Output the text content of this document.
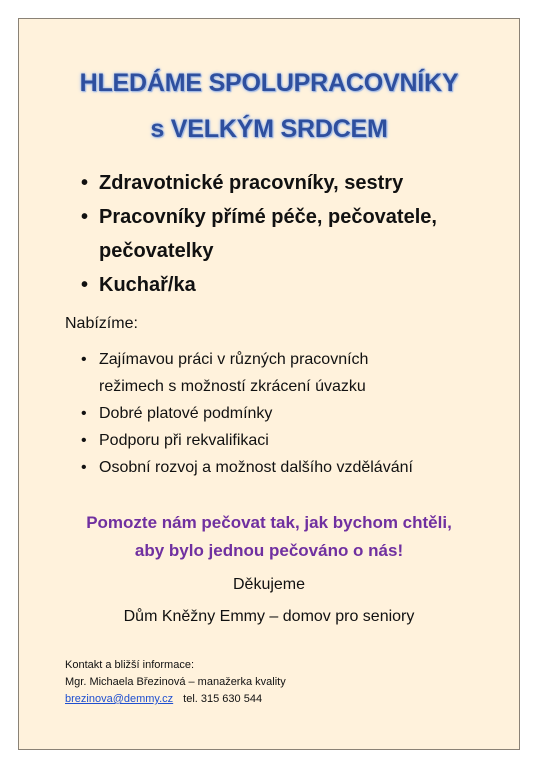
HLEDÁME SPOLUPRACOVNÍKY
s VELKÝM SRDCEM
• Zdravotnické pracovníky, sestry
• Pracovníky přímé péče, pečovatele,
pečovatelky
• Kuchař/ka
Nabízíme:
• Zajímavou práci v různých pracovních
režimech s možností zkrácení úvazku
• Dobré platové podmínky
• Podporu při rekvalifikaci
• Osobní rozvoj a možnost dalšího vzdělávání
Pomozte nám pečovat tak, jak bychom chtěli,
aby bylo jednou pečováno o nás!
Děkujeme
Dům Kněžny Emmy – domov pro seniory
Kontakt a bližší informace:
Mgr. Michaela Březinová – manažerka kvality
brezinova@demmy.cz tel. 315 630 544
